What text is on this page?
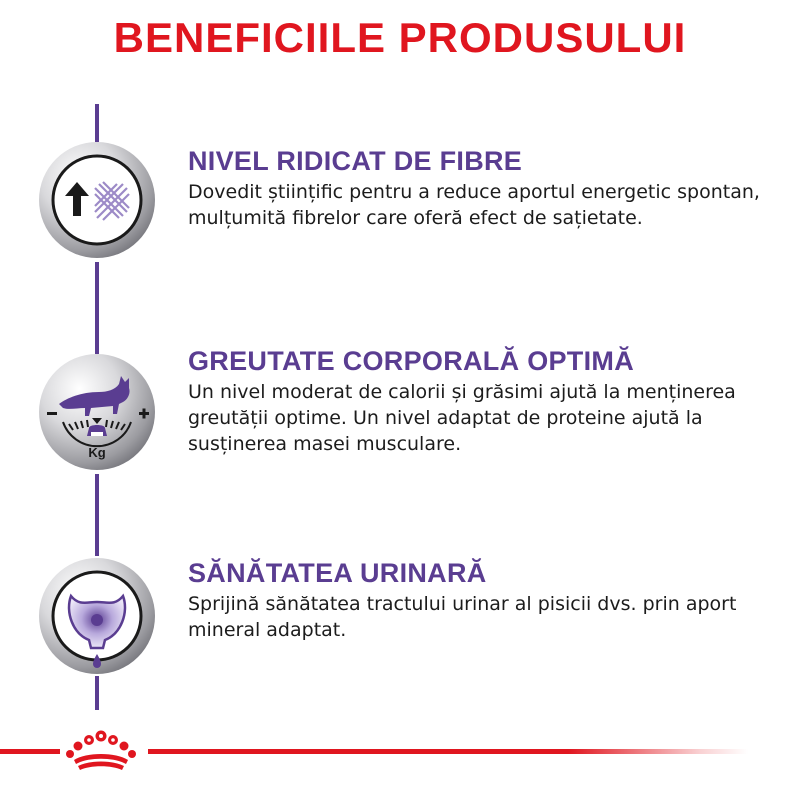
BENEFICIILE PRODUSULUI
NIVEL RIDICAT DE FIBRE

Dovedit științific pentru a reduce aportul energetic spontan, mulțumită fibrelor care oferă efect de sațietate.

Kg
GREUTATE CORPORALĂ OPTIMĂ

Un nivel moderat de calorii și grăsimi ajută la menținerea greutății optime. Un nivel adaptat de proteine ajută la susținerea masei musculare.

SĂNĂTATEA URINARĂ

Sprijină sănătatea tractului urinar al pisicii dvs. prin aport mineral adaptat.
